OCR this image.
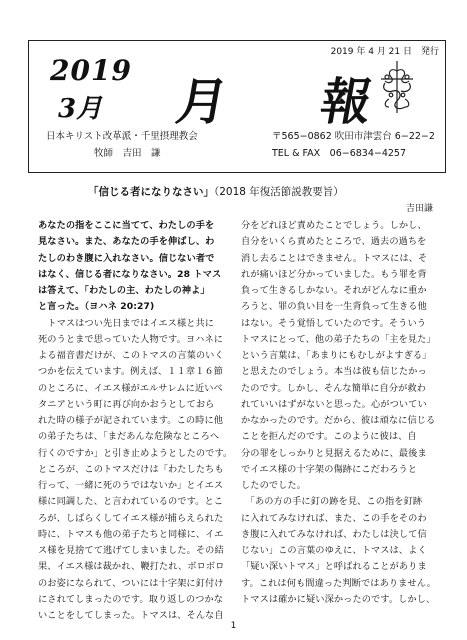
2019 年 4 月 21 日　発行
2019
3月 月　報
日本キリスト改革派・千里摂理教会
牧師　吉田　謙
〒565−0862 吹田市津雲台 6−22−2
TEL & FAX　06−6834−4257
「信じる者になりなさい」（2018 年復活節説教要旨）
吉田謙

あなたの指をここに当てて、わたしの手を

見なさい。また、あなたの手を伸ばし、わ

たしのわき腹に入れなさい。信じない者で

はなく、信じる者になりなさい。28 トマス

は答えて、「わたしの主、わたしの神よ」

と言った。（ヨハネ 20:27)

　トマスはつい先日まではイエス様と共に

死のうとまで思っていた人物です。ヨハネに

よる福音書だけが、このトマスの言葉のいく

つかを伝えています。例えば、１１章１６節

のところに、イエス様がエルサレムに近いべ

タニアという町に再び向かおうとしておら

れた時の様子が記されています。この時に他

の弟子たちは、「まだあんな危険なところへ

行くのですか」と引き止めようとしたのです。

ところが、このトマスだけは「わたしたちも

行って、一緒に死のうではないか」とイエス

様に同調した、と言われているのです。とこ

ろが、しばらくしてイエス様が捕らえられた

時に、トマスも他の弟子たちと同様に、イエ

ス様を見捨てて逃げてしまいました。その結

果、イエス様は裁かれ、鞭打たれ、ボロボロ

のお姿になられて、ついには十字架に釘付け

にされてしまったのです。取り返しのつかな

いことをしてしまった。トマスは、そんな自

分をどれほど責めたことでしょう。しかし、

自分をいくら責めたところで、過去の過ちを

消し去ることはできません。トマスには、そ

れが痛いほど分かっていました。もう罪を背

負って生きるしかない。それがどんなに重か

ろうと、罪の負い目を一生背負って生きる他

はない。そう覚悟していたのです。そういう

トマスにとって、他の弟子たちの「主を見た」

という言葉は、「あまりにもむしがよすぎる」

と思えたのでしょう。本当は彼も信じたかっ

たのです。しかし、そんな簡単に自分が救わ

れていいはずがないと思った。心がついてい

かなかったのです。だから、彼は頑なに信じる

ことを拒んだのです。このように彼は、自

分の罪をしっかりと見据えるために、最後ま

でイエス様の十字架の傷跡にこだわろうと

したのでした。

　「あの方の手に釘の跡を見、この指を釘跡

に入れてみなければ、また、この手をそのわ

き腹に入れてみなければ、わたしは決して信

じない」この言葉のゆえに、トマスは、よく

「疑い深いトマス」と呼ばれることがありま

す。これは何も間違った判断ではありません。

トマスは確かに疑い深かったのです。しかし、

1
